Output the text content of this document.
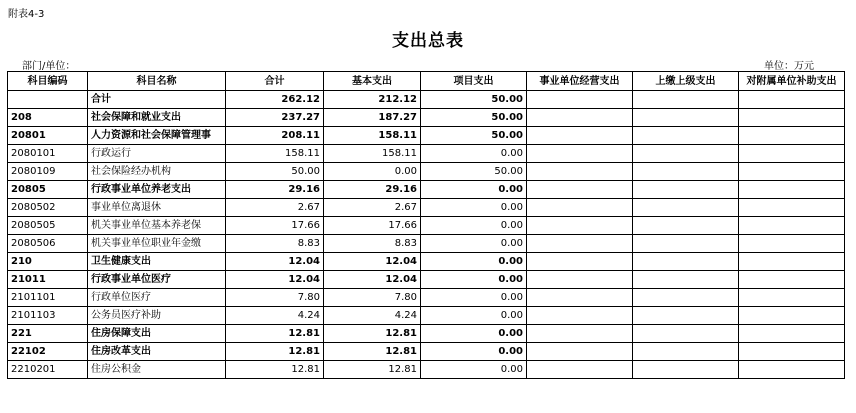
附表4-3
支出总表
部门/单位：	单位：万元
科目编码	科目名称	合计	基本支出	项目支出	事业单位经营支出	上缴上级支出	对附属单位补助支出
	合计	262.12	212.12	50.00			
208	社会保障和就业支出	237.27	187.27	50.00			
20801	人力资源和社会保障管理事	208.11	158.11	50.00			
2080101	行政运行	158.11	158.11	0.00			
2080109	社会保险经办机构	50.00	0.00	50.00			
20805	行政事业单位养老支出	29.16	29.16	0.00			
2080502	事业单位离退休	2.67	2.67	0.00			
2080505	机关事业单位基本养老保	17.66	17.66	0.00			
2080506	机关事业单位职业年金缴	8.83	8.83	0.00			
210	卫生健康支出	12.04	12.04	0.00			
21011	行政事业单位医疗	12.04	12.04	0.00			
2101101	行政单位医疗	7.80	7.80	0.00			
2101103	公务员医疗补助	4.24	4.24	0.00			
221	住房保障支出	12.81	12.81	0.00			
22102	住房改革支出	12.81	12.81	0.00			
2210201	住房公积金	12.81	12.81	0.00			
